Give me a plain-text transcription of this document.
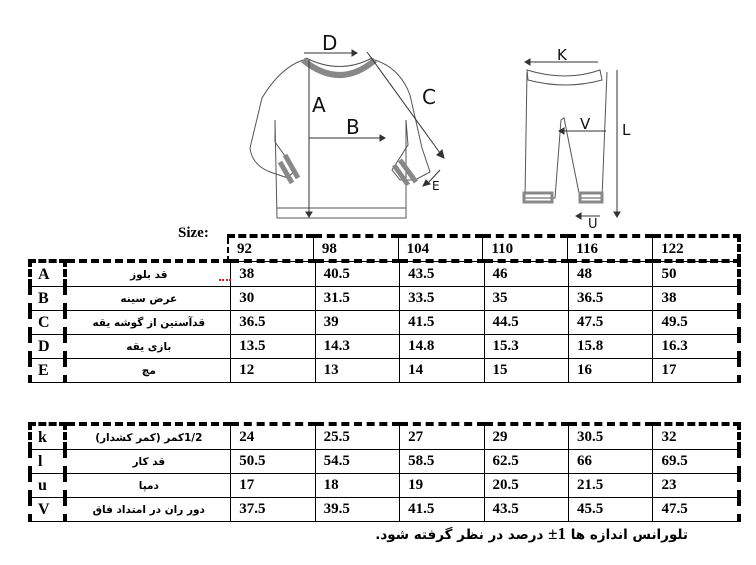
D
A
B
C
E
K
V L
U
Size:
92	98	104	110	116	122
A	قد بلوز	38	40.5	43.5	46	48	50
B	عرض سینه	30	31.5	33.5	35	36.5	38
C	قدآستین از گوشه یقه	36.5	39	41.5	44.5	47.5	49.5
D	بازی یقه	13.5	14.3	14.8	15.3	15.8	16.3
E	مچ	12	13	14	15	16	17
k	1/2کمر (کمر کشدار)	24	25.5	27	29	30.5	32
l	قد کار	50.5	54.5	58.5	62.5	66	69.5
u	دمپا	17	18	19	20.5	21.5	23
V	دور ران در امتداد فاق	37.5	39.5	41.5	43.5	45.5	47.5
تلورانس اندازه ها ±1 درصد در نظر گرفته شود.
